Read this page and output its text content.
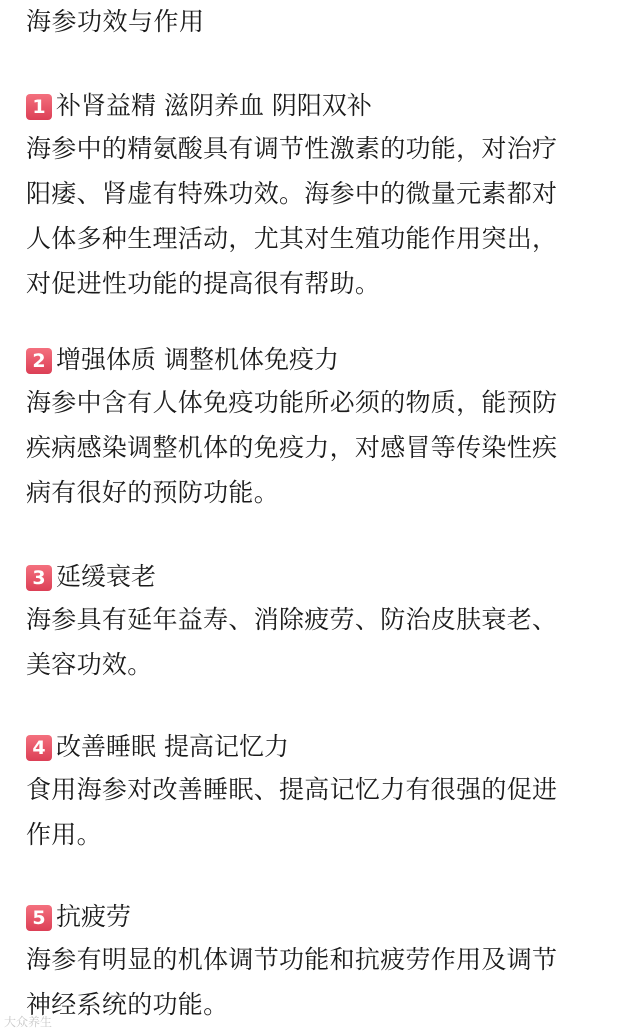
海参功效与作用
1 补肾益精 滋阴养血 阴阳双补
海参中的精氨酸具有调节性激素的功能，对治疗
阳痿、肾虚有特殊功效。海参中的微量元素都对
人体多种生理活动，尤其对生殖功能作用突出，
对促进性功能的提高很有帮助。
2 增强体质 调整机体免疫力
海参中含有人体免疫功能所必须的物质，能预防
疾病感染调整机体的免疫力，对感冒等传染性疾
病有很好的预防功能。
3 延缓衰老
海参具有延年益寿、消除疲劳、防治皮肤衰老、
美容功效。
4 改善睡眠 提高记忆力
食用海参对改善睡眠、提高记忆力有很强的促进
作用。
5 抗疲劳
海参有明显的机体调节功能和抗疲劳作用及调节
神经系统的功能。
大众养生
